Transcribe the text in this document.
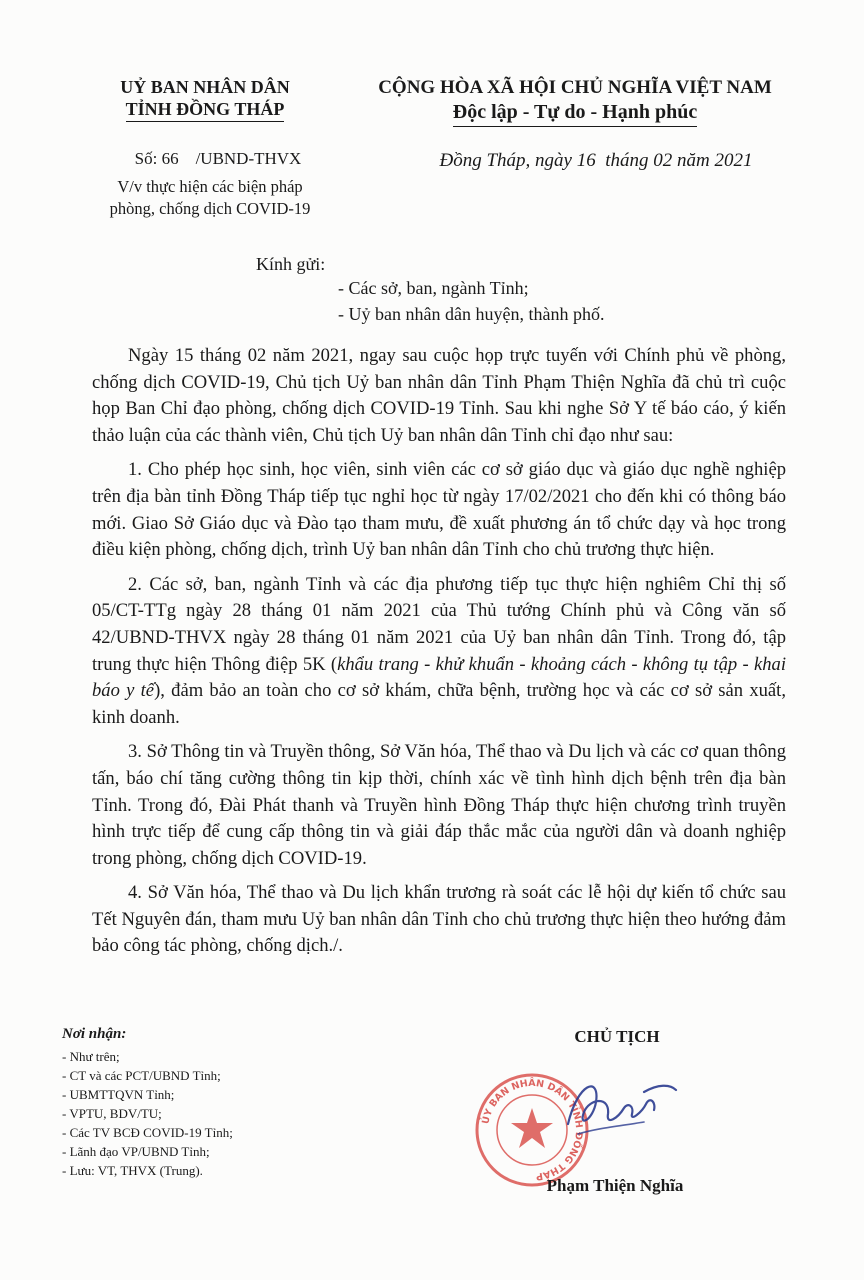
UỶ BAN NHÂN DÂN
TỈNH ĐỒNG THÁP
CỘNG HÒA XÃ HỘI CHỦ NGHĨA VIỆT NAM
Độc lập - Tự do - Hạnh phúc
Số: 66    /UBND-THVX
V/v thực hiện các biện pháp
phòng, chống dịch COVID-19
Đồng Tháp, ngày 16  tháng 02 năm 2021
Kính gửi:
- Các sở, ban, ngành Tỉnh;
- Uỷ ban nhân dân huyện, thành phố.

Ngày 15 tháng 02 năm 2021, ngay sau cuộc họp trực tuyến với Chính phủ về phòng, chống dịch COVID-19, Chủ tịch Uỷ ban nhân dân Tỉnh Phạm Thiện Nghĩa đã chủ trì cuộc họp Ban Chỉ đạo phòng, chống dịch COVID-19 Tỉnh. Sau khi nghe Sở Y tế báo cáo, ý kiến thảo luận của các thành viên, Chủ tịch Uỷ ban nhân dân Tỉnh chỉ đạo như sau:

1. Cho phép học sinh, học viên, sinh viên các cơ sở giáo dục và giáo dục nghề nghiệp trên địa bàn tỉnh Đồng Tháp tiếp tục nghỉ học từ ngày 17/02/2021 cho đến khi có thông báo mới. Giao Sở Giáo dục và Đào tạo tham mưu, đề xuất phương án tổ chức dạy và học trong điều kiện phòng, chống dịch, trình Uỷ ban nhân dân Tỉnh cho chủ trương thực hiện.

2. Các sở, ban, ngành Tỉnh và các địa phương tiếp tục thực hiện nghiêm Chỉ thị số 05/CT-TTg ngày 28 tháng 01 năm 2021 của Thủ tướng Chính phủ và Công văn số 42/UBND-THVX ngày 28 tháng 01 năm 2021 của Uỷ ban nhân dân Tỉnh. Trong đó, tập trung thực hiện Thông điệp 5K (khẩu trang - khử khuẩn - khoảng cách - không tụ tập - khai báo y tế), đảm bảo an toàn cho cơ sở khám, chữa bệnh, trường học và các cơ sở sản xuất, kinh doanh.

3. Sở Thông tin và Truyền thông, Sở Văn hóa, Thể thao và Du lịch và các cơ quan thông tấn, báo chí tăng cường thông tin kịp thời, chính xác về tình hình dịch bệnh trên địa bàn Tỉnh. Trong đó, Đài Phát thanh và Truyền hình Đồng Tháp thực hiện chương trình truyền hình trực tiếp để cung cấp thông tin và giải đáp thắc mắc của người dân và doanh nghiệp trong phòng, chống dịch COVID-19.

4. Sở Văn hóa, Thể thao và Du lịch khẩn trương rà soát các lễ hội dự kiến tổ chức sau Tết Nguyên đán, tham mưu Uỷ ban nhân dân Tỉnh cho chủ trương thực hiện theo hướng đảm bảo công tác phòng, chống dịch./.

Nơi nhận:
- Như trên;
- CT và các PCT/UBND Tỉnh;
- UBMTTQVN Tỉnh;
- VPTU, BDV/TU;
- Các TV BCĐ COVID-19 Tỉnh;
- Lãnh đạo VP/UBND Tỉnh;
- Lưu: VT, THVX (Trung).
CHỦ TỊCH
ỦY BAN NHÂN DÂN TỈNH ĐỒNG THÁP
Phạm Thiện Nghĩa
